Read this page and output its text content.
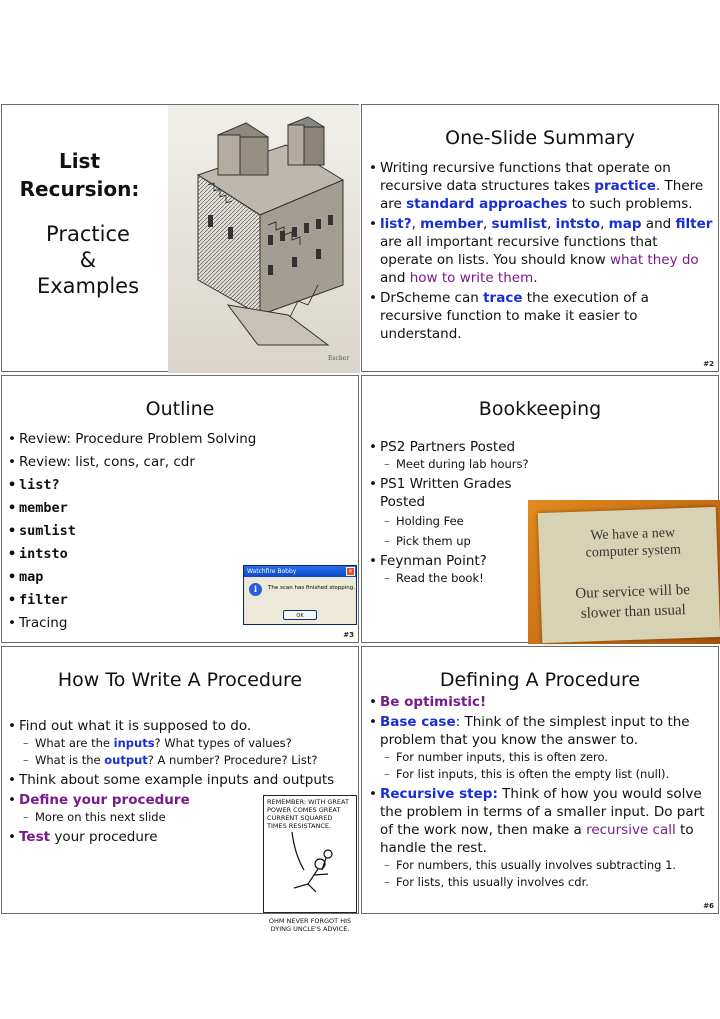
List
Recursion:
Practice
&
Examples
Escher
One-Slide Summary
• Writing recursive functions that operate on recursive data structures takes practice. There are standard approaches to such problems.
• list?, member, sumlist, intsto, map and filter are all important recursive functions that operate on lists. You should know what they do and how to write them.
• DrScheme can trace the execution of a recursive function to make it easier to understand.
#2
Outline
• Review: Procedure Problem Solving
• Review: list, cons, car, cdr
• list?
• member
• sumlist
• intsto
• map
• filter
• Tracing
Watchfire Bobby	×
i	The scan has finished stopping.
OK
#3
Bookkeeping
• PS2 Partners Posted
– Meet during lab hours?
• PS1 Written Grades
Posted
– Holding Fee
– Pick them up
• Feynman Point?
– Read the book!
We have a new
computer system
Our service will be
slower than usual
How To Write A Procedure
• Find out what it is supposed to do.
– What are the inputs? What types of values?
– What is the output? A number? Procedure? List?
• Think about some example inputs and outputs
• Define your procedure
– More on this next slide
• Test your procedure
REMEMBER: WITH GREAT
POWER COMES GREAT
CURRENT SQUARED
TIMES RESISTANCE.
OHM NEVER FORGOT HIS
DYING UNCLE'S ADVICE.
Defining A Procedure
• Be optimistic!
• Base case: Think of the simplest input to the problem that you know the answer to.
– For number inputs, this is often zero.
– For list inputs, this is often the empty list (null).
• Recursive step: Think of how you would solve the problem in terms of a smaller input. Do part of the work now, then make a recursive call to handle the rest.
– For numbers, this usually involves subtracting 1.
– For lists, this usually involves cdr.
#6
